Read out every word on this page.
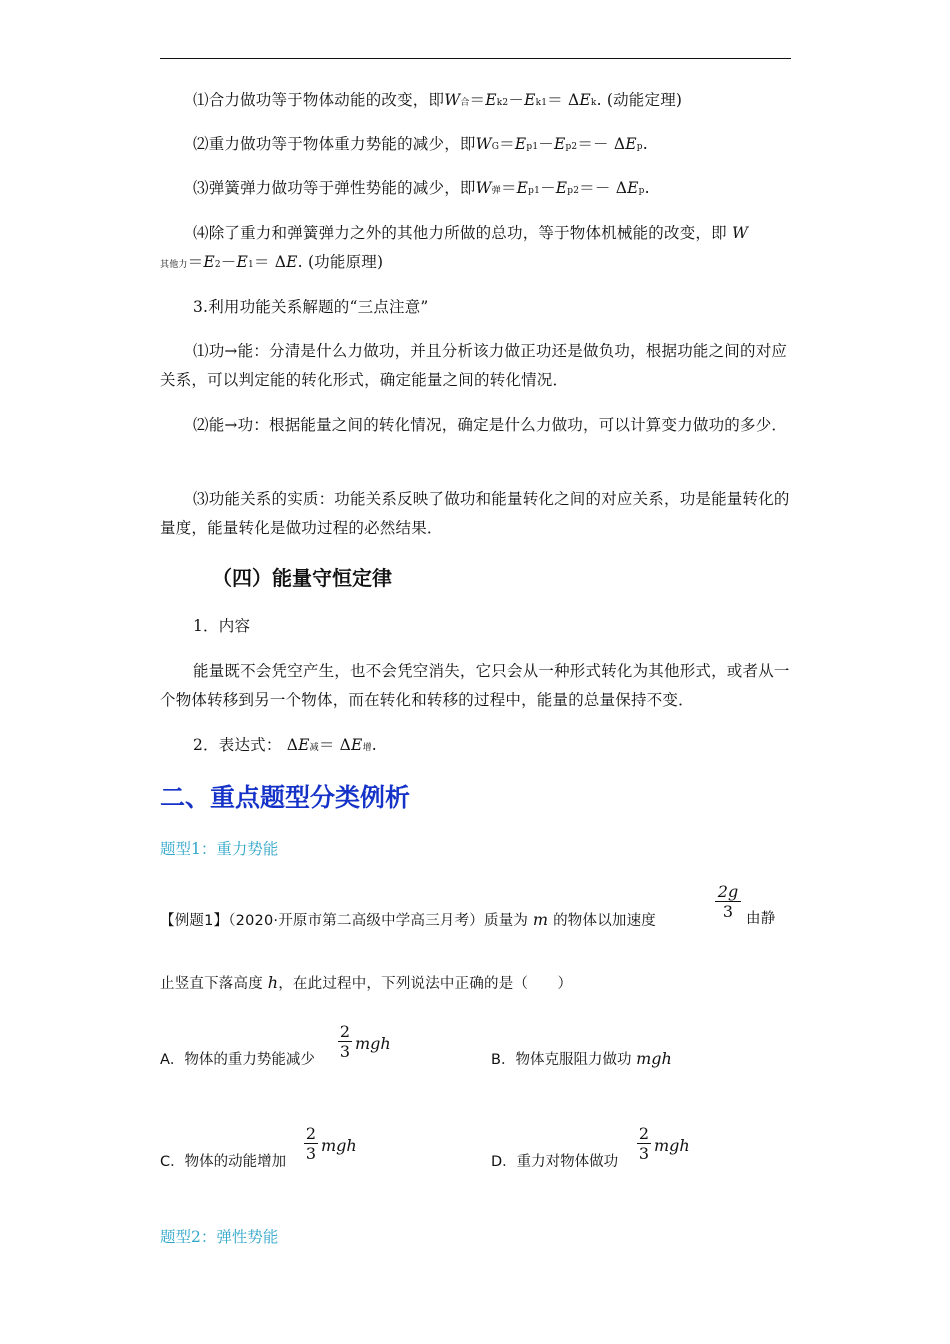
⑴合力做功等于物体动能的改变，即W合＝Ek2－Ek1＝ ΔEk. (动能定理)
⑵重力做功等于物体重力势能的减少，即WG＝Ep1－Ep2＝－ ΔEp.
⑶弹簧弹力做功等于弹性势能的减少，即W弹＝Ep1－Ep2＝－ ΔEp.
⑷除了重力和弹簧弹力之外的其他力所做的总功，等于物体机械能的改变，即 W
其他力＝E2－E1＝ ΔE. (功能原理)
3.利用功能关系解题的“三点注意”
⑴功→能：分清是什么力做功，并且分析该力做正功还是做负功，根据功能之间的对应关系，可以判定能的转化形式，确定能量之间的转化情况．
⑵能→功：根据能量之间的转化情况，确定是什么力做功，可以计算变力做功的多少．
⑶功能关系的实质：功能关系反映了做功和能量转化之间的对应关系，功是能量转化的量度，能量转化是做功过程的必然结果．
（四）能量守恒定律
1．内容
能量既不会凭空产生，也不会凭空消失，它只会从一种形式转化为其他形式，或者从一个物体转移到另一个物体，而在转化和转移的过程中，能量的总量保持不变．
2．表达式： ΔE减＝ ΔE增.
二、重点题型分类例析
题型1：重力势能
【例题1】（2020·开原市第二高级中学高三月考）质量为 m 的物体以加速度
2g
3 由静
止竖直下落高度 h，在此过程中，下列说法中正确的是（　　）
A．物体的重力势能减少
2
3 mgh
B．物体克服阻力做功 mgh
C．物体的动能增加
2
3 mgh
D．重力对物体做功
2
3 mgh
题型2：弹性势能
